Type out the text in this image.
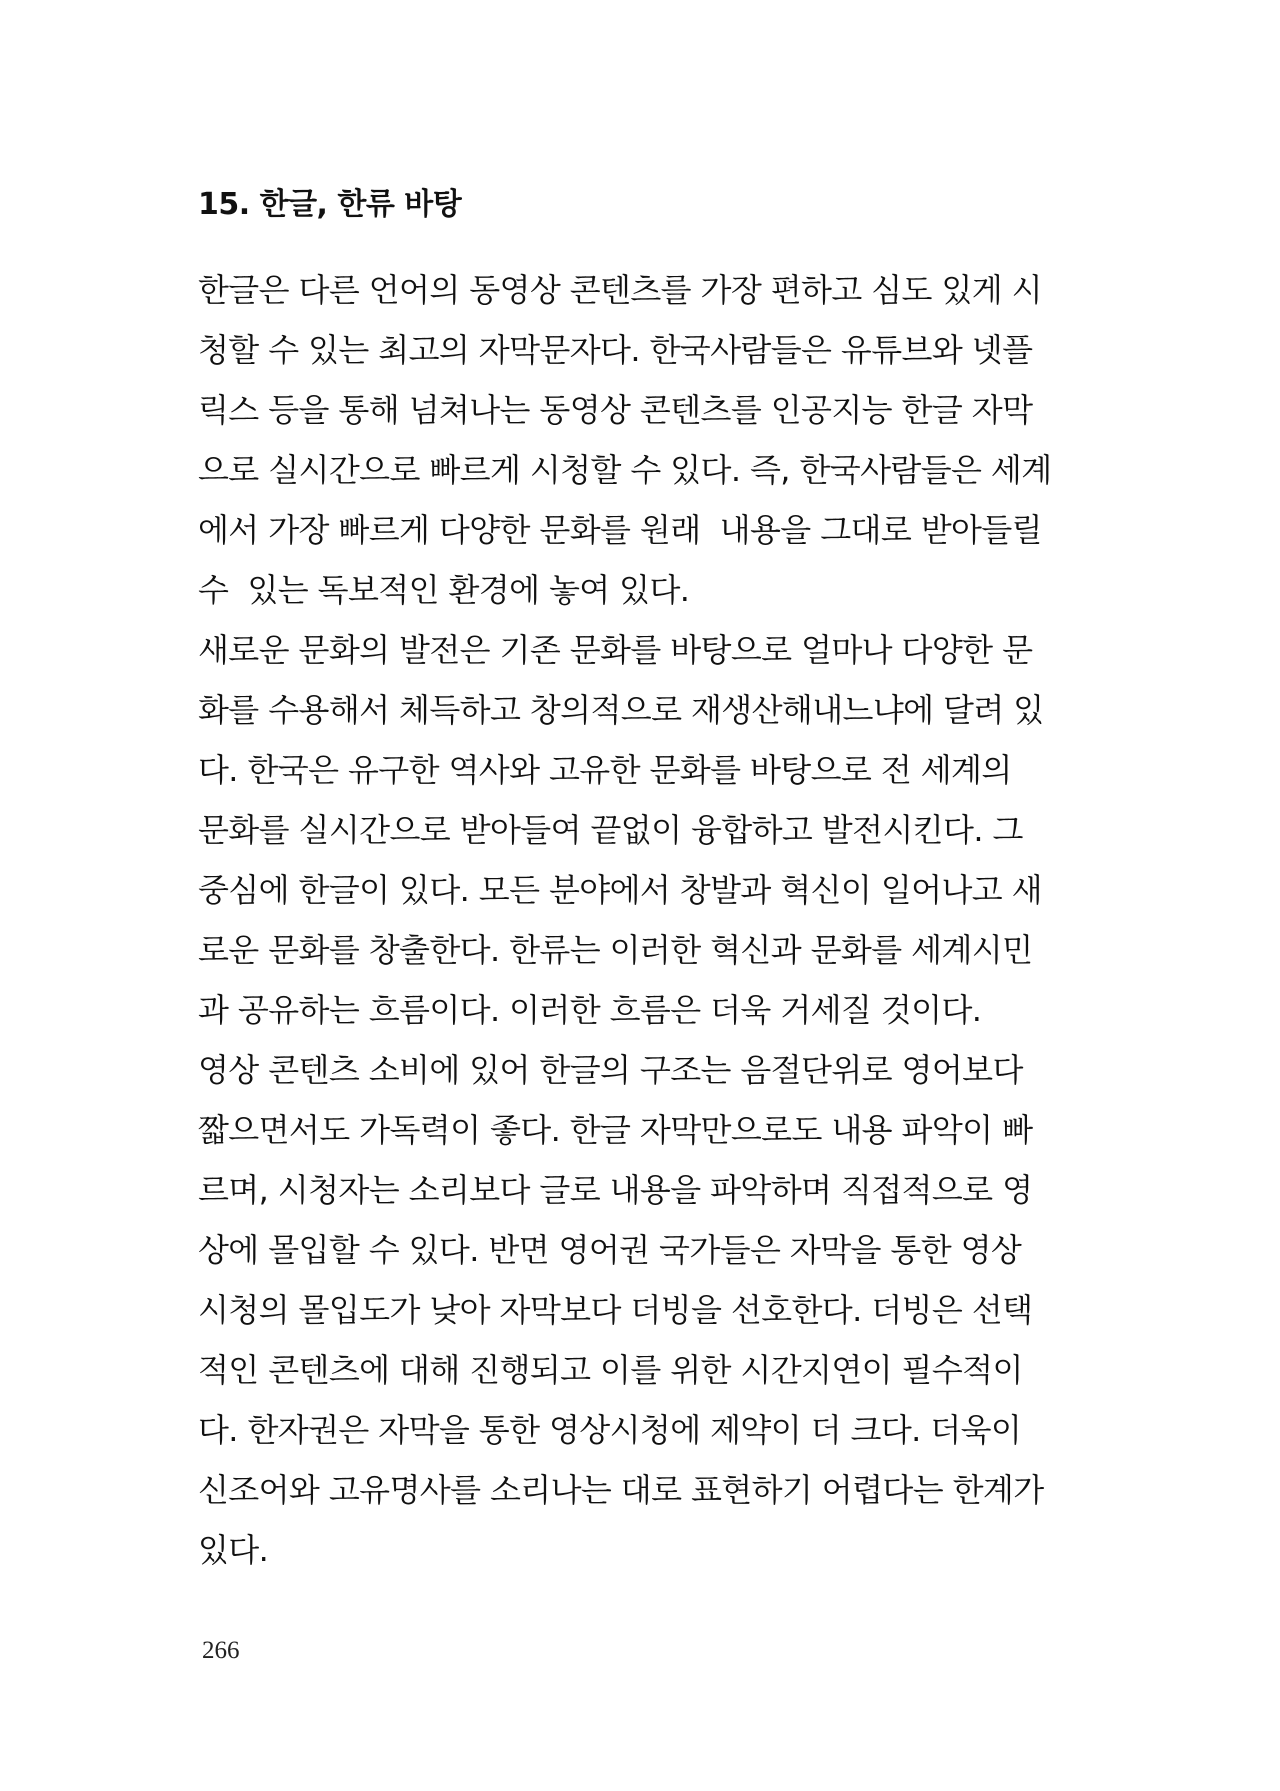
15. 한글, 한류 바탕
한글은 다른 언어의 동영상 콘텐츠를 가장 편하고 심도 있게 시
청할 수 있는 최고의 자막문자다. 한국사람들은 유튜브와 넷플
릭스 등을 통해 넘쳐나는 동영상 콘텐츠를 인공지능 한글 자막
으로 실시간으로 빠르게 시청할 수 있다. 즉, 한국사람들은 세계
에서 가장 빠르게 다양한 문화를 원래  내용을 그대로 받아들릴
수  있는 독보적인 환경에 놓여 있다.
새로운 문화의 발전은 기존 문화를 바탕으로 얼마나 다양한 문
화를 수용해서 체득하고 창의적으로 재생산해내느냐에 달려 있
다. 한국은 유구한 역사와 고유한 문화를 바탕으로 전 세계의
문화를 실시간으로 받아들여 끝없이 융합하고 발전시킨다. 그
중심에 한글이 있다. 모든 분야에서 창발과 혁신이 일어나고 새
로운 문화를 창출한다. 한류는 이러한 혁신과 문화를 세계시민
과 공유하는 흐름이다. 이러한 흐름은 더욱 거세질 것이다.
영상 콘텐츠 소비에 있어 한글의 구조는 음절단위로 영어보다
짧으면서도 가독력이 좋다. 한글 자막만으로도 내용 파악이 빠
르며, 시청자는 소리보다 글로 내용을 파악하며 직접적으로 영
상에 몰입할 수 있다. 반면 영어권 국가들은 자막을 통한 영상
시청의 몰입도가 낮아 자막보다 더빙을 선호한다. 더빙은 선택
적인 콘텐츠에 대해 진행되고 이를 위한 시간지연이 필수적이
다. 한자권은 자막을 통한 영상시청에 제약이 더 크다. 더욱이
신조어와 고유명사를 소리나는 대로 표현하기 어렵다는 한계가
있다.
266
